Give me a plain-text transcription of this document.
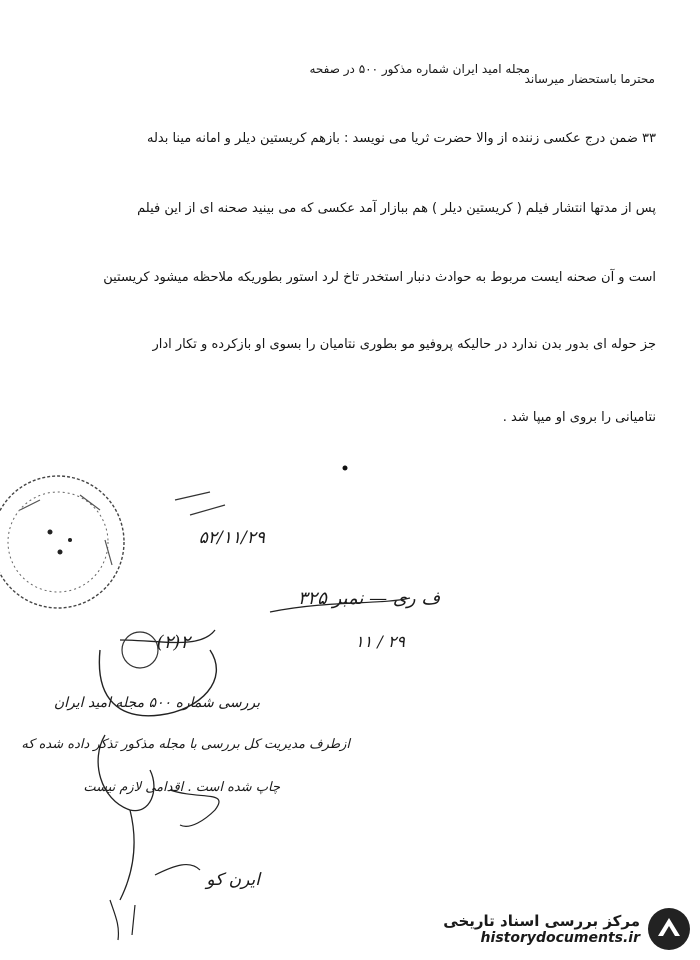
مجله امید ایران شماره مذکور ۵۰۰ در صفحه
محترما باستحضار میرساند
۳۳ ضمن درج عکسی زننده از والا حضرت ثریا می نویسد : بازهم کریستین دیلر و امانه مینا بدله
پس از مدتها انتشار فیلم ( کریستین دیلر ) هم ببازار آمد عکسی که می بینید صحنه ای از این فیلم
است و آن صحنه ایست مربوط به حوادث دنبار استخدر تاخ لرد استور بطوریکه ملاحظه میشود کریستین
جز حوله ای بدور بدن ندارد در حالیکه پروفیو مو بطوری نتامیان را بسوی او بازکرده و تکار ادار
نتامیانی را بروی او میپا شد .
۵۲/۱۱/۲۹
ف ری — نمبر ۳۲۵
۲۹ / ۱۱
۲(۲)
بررسی شماره ۵۰۰ مجله امید ایران
ازطرف مدیریت کل بررسی با مجله مذکور تذکر داده شده که
چاپ شده است . اقدامی لازم نیست
ایرن کو
مرکز بررسی اسناد تاریخی
historydocuments.ir
